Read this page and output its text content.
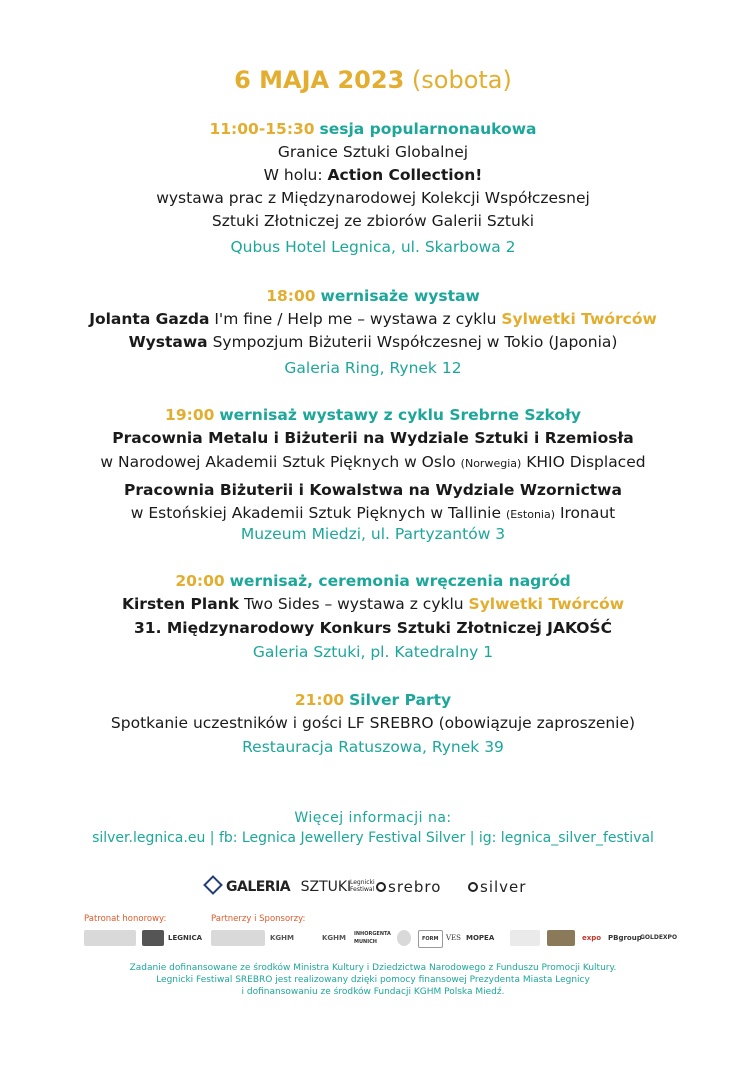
6 MAJA 2023 (sobota)
11:00-15:30 sesja popularnonaukowa
Granice Sztuki Globalnej
W holu: Action Collection!
wystawa prac z Międzynarodowej Kolekcji Współczesnej
Sztuki Złotniczej ze zbiorów Galerii Sztuki
Qubus Hotel Legnica, ul. Skarbowa 2
18:00 wernisaże wystaw
Jolanta Gazda I'm fine / Help me – wystawa z cyklu Sylwetki Twórców
Wystawa Sympozjum Biżuterii Współczesnej w Tokio (Japonia)
Galeria Ring, Rynek 12
19:00 wernisaż wystawy z cyklu Srebrne Szkoły
Pracownia Metalu i Biżuterii na Wydziale Sztuki i Rzemiosła
w Narodowej Akademii Sztuk Pięknych w Oslo (Norwegia) KHIO Displaced
Pracownia Biżuterii i Kowalstwa na Wydziale Wzornictwa
w Estońskiej Akademii Sztuk Pięknych w Tallinie (Estonia) Ironaut
Muzeum Miedzi, ul. Partyzantów 3
20:00 wernisaż, ceremonia wręczenia nagród
Kirsten Plank Two Sides – wystawa z cyklu Sylwetki Twórców
31. Międzynarodowy Konkurs Sztuki Złotniczej JAKOŚĆ
Galeria Sztuki, pl. Katedralny 1
21:00 Silver Party
Spotkanie uczestników i gości LF SREBRO (obowiązuje zaproszenie)
Restauracja Ratuszowa, Rynek 39
Więcej informacji na:
silver.legnica.eu | fb: Legnica Jewellery Festival Silver | ig: legnica_silver_festival
GALERIA SZTUKI
Legnicki Festiwal srebro	silver
Patronat honorowy:	Partnerzy i Sponsorzy:
LEGNICA	KGHM	KGHM INHORGENTA MUNICH	FORM	VES MOPEA	expo PBgroup
GOLDEXPO
Zadanie dofinansowane ze środków Ministra Kultury i Dziedzictwa Narodowego z Funduszu Promocji Kultury.
Legnicki Festiwal SREBRO jest realizowany dzięki pomocy finansowej Prezydenta Miasta Legnicy
i dofinansowaniu ze środków Fundacji KGHM Polska Miedź.
